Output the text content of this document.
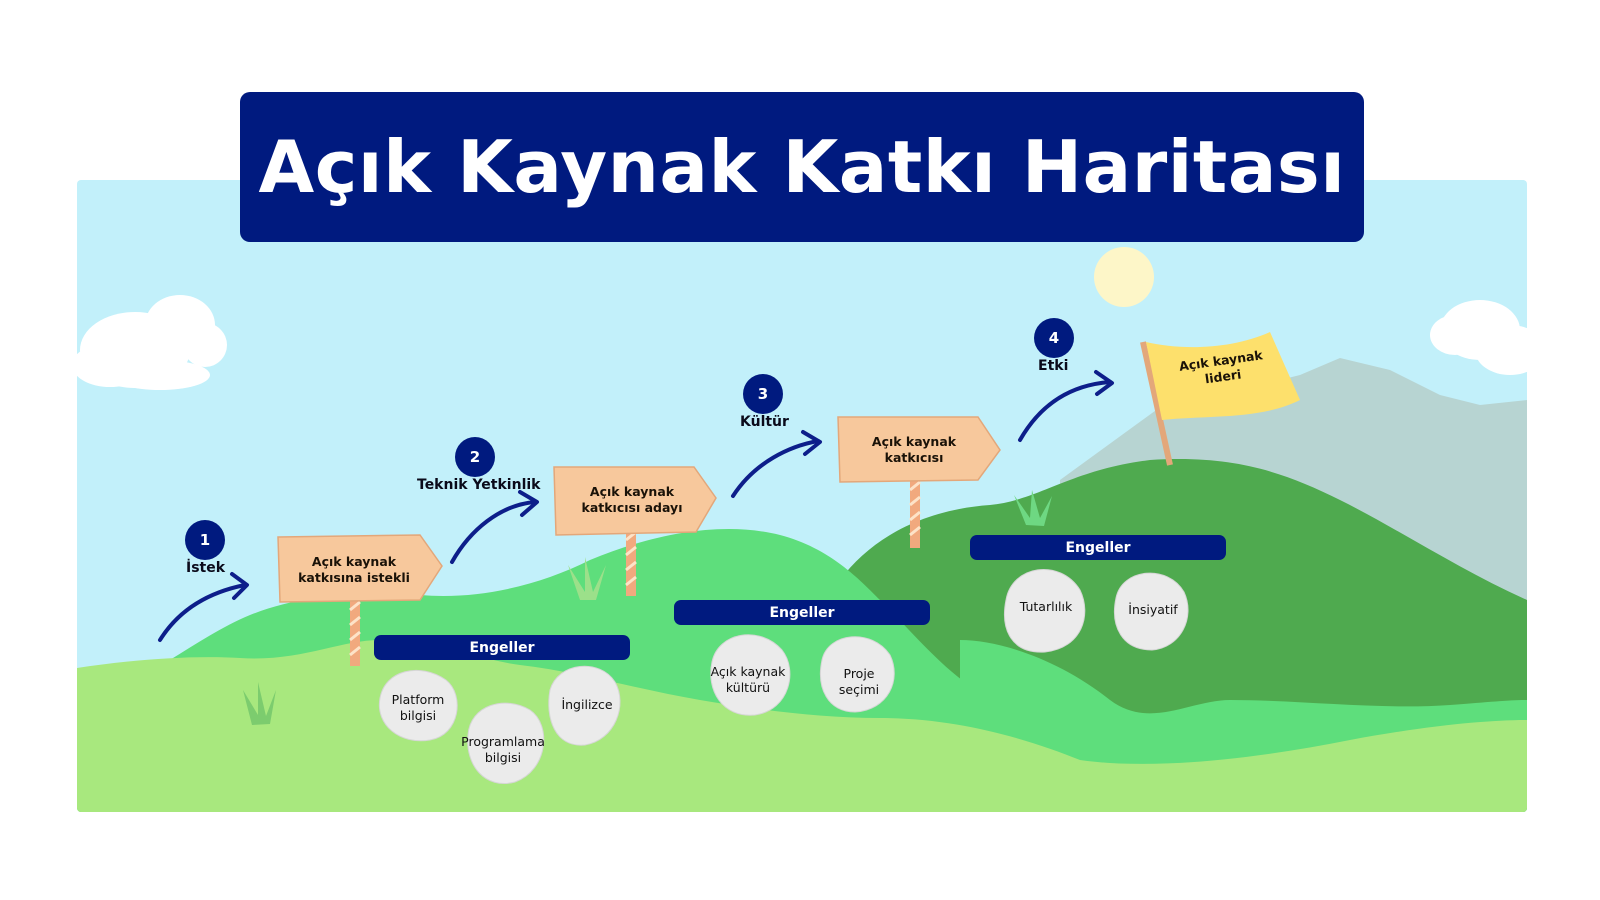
Açık Kaynak Katkı Haritası
1
İstek
2
Teknik Yetkinlik
3
Kültür
4
Etki
Açık kaynak katkısına istekli
Açık kaynak katkıcısı adayı
Açık kaynak katkıcısı
Açık kaynak lideri
Engeller
Engeller
Engeller
Platform bilgisi
Programlama bilgisi
İngilizce
Açık kaynak kültürü
Proje seçimi
Tutarlılık	İnsiyatif
